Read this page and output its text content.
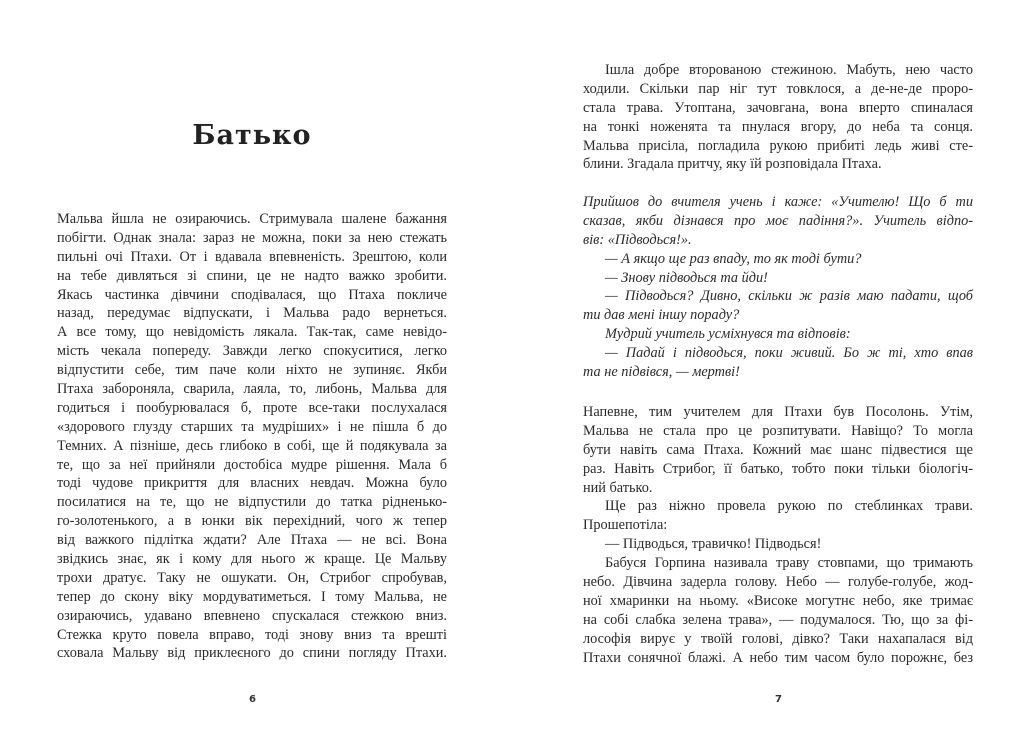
Батько
Мальва йшла не озираючись. Стримувала шалене бажання
побігти. Однак знала: зараз не можна, поки за нею стежать
пильні очі Птахи. От і вдавала впевненість. Зрештою, коли
на тебе дивляться зі спини, це не надто важко зробити.
Якась частинка дівчини сподівалася, що Птаха покличе
назад, передумає відпускати, і Мальва радо вернеться.
А все тому, що невідомість лякала. Так-так, саме невідо-
мість чекала попереду. Завжди легко спокуситися, легко
відпустити себе, тим паче коли ніхто не зупиняє. Якби
Птаха забороняла, сварила, лаяла, то, либонь, Мальва для
годиться і пообурювалася б, проте все-таки послухалася
«здорового глузду старших та мудріших» і не пішла б до
Темних. А пізніше, десь глибоко в собі, ще й подякувала за
те, що за неї прийняли достобіса мудре рішення. Мала б
тоді чудове прикриття для власних невдач. Можна було
посилатися на те, що не відпустили до татка рідненько-
го-золотенького, а в юнки вік перехідний, чого ж тепер
від важкого підлітка ждати? Але Птаха — не всі. Вона
звідкись знає, як і кому для нього ж краще. Це Мальву
трохи дратує. Таку не ошукати. Он, Стрибог спробував,
тепер до скону віку мордуватиметься. І тому Мальва, не
озираючись, удавано впевнено спускалася стежкою вниз.
Стежка круто повела вправо, тоді знову вниз та врешті
сховала Мальву від приклеєного до спини погляду Птахи.
6
Ішла добре второваною стежиною. Мабуть, нею часто
ходили. Скільки пар ніг тут товклося, а де-не-де проро-
стала трава. Утоптана, зачовгана, вона вперто спиналася
на тонкі ноженята та пнулася вгору, до неба та сонця.
Мальва присіла, погладила рукою прибиті ледь живі сте-
блини. Згадала притчу, яку їй розповідала Птаха.
Прийшов до вчителя учень і каже: «Учителю! Що б ти
сказав, якби дізнався про моє падіння?». Учитель відпо-
вів: «Підводься!».
— А якщо ще раз впаду, то як тоді бути?
— Знову підводься та йди!
— Підводься? Дивно, скільки ж разів маю падати, щоб
ти дав мені іншу пораду?
Мудрий учитель усміхнувся та відповів:
— Падай і підводься, поки живий. Бо ж ті, хто впав
та не підвівся, — мертві!
Напевне, тим учителем для Птахи був Посолонь. Утім,
Мальва не стала про це розпитувати. Навіщо? То могла
бути навіть сама Птаха. Кожний має шанс підвестися ще
раз. Навіть Стрибог, її батько, тобто поки тільки біологіч-
ний батько.
Ще раз ніжно провела рукою по стеблинках трави.
Прошепотіла:
— Підводься, травичко! Підводься!
Бабуся Горпина називала траву стовпами, що тримають
небо. Дівчина задерла голову. Небо — голубе-голубе, жод-
ної хмаринки на ньому. «Високе могутнє небо, яке тримає
на собі слабка зелена трава», — подумалося. Тю, що за фі-
лософія вирує у твоїй голові, дівко? Таки нахапалася від
Птахи сонячної блажі. А небо тим часом було порожнє, без
7
